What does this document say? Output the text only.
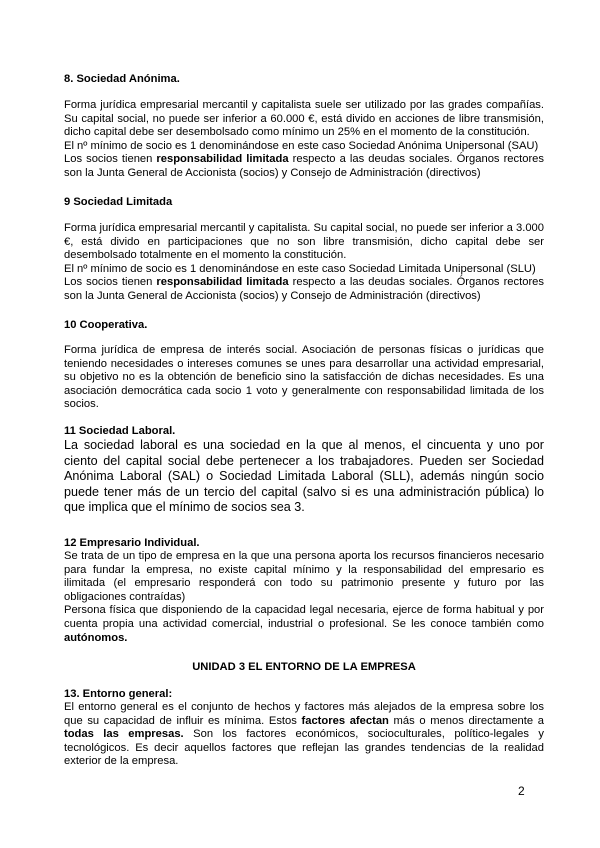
8. Sociedad Anónima.

Forma jurídica empresarial mercantil y capitalista suele ser utilizado por las grades compañías. Su capital social, no puede ser inferior a 60.000 €, está divido en acciones de libre transmisión, dicho capital debe ser desembolsado como mínimo un 25% en el momento de la constitución.

El nº mínimo de socio es 1 denominándose en este caso Sociedad Anónima Unipersonal (SAU)

Los socios tienen responsabilidad limitada respecto a las deudas sociales. Órganos rectores son la Junta General de Accionista (socios) y Consejo de Administración (directivos)

9 Sociedad Limitada

Forma jurídica empresarial mercantil y capitalista. Su capital social, no puede ser inferior a 3.000 €, está divido en participaciones que no son libre transmisión, dicho capital debe ser desembolsado totalmente en el momento la constitución.

El nº mínimo de socio es 1 denominándose en este caso Sociedad Limitada Unipersonal (SLU)

Los socios tienen responsabilidad limitada respecto a las deudas sociales. Órganos rectores son la Junta General de Accionista (socios) y Consejo de Administración (directivos)

10 Cooperativa.

Forma jurídica de empresa de interés social. Asociación de personas físicas o jurídicas que teniendo necesidades o intereses comunes se unes para desarrollar una actividad empresarial, su objetivo no es la obtención de beneficio sino la satisfacción de dichas necesidades. Es una asociación democrática cada socio 1 voto y generalmente con responsabilidad limitada de los socios.

11 Sociedad Laboral.

La sociedad laboral es una sociedad en la que al menos, el cincuenta y uno por ciento del capital social debe pertenecer a los trabajadores. Pueden ser Sociedad Anónima Laboral (SAL) o Sociedad Limitada Laboral (SLL), además ningún socio puede tener más de un tercio del capital (salvo si es una administración pública) lo que implica que el mínimo de socios sea 3.

12 Empresario Individual.

Se trata de un tipo de empresa en la que una persona aporta los recursos financieros necesario para fundar la empresa, no existe capital mínimo y la responsabilidad del empresario es ilimitada (el empresario responderá con todo su patrimonio presente y futuro por las obligaciones contraídas)

Persona física que disponiendo de la capacidad legal necesaria, ejerce de forma habitual y por cuenta propia una actividad comercial, industrial o profesional. Se les conoce también como autónomos.

UNIDAD 3 EL ENTORNO DE LA EMPRESA
13. Entorno general:

El entorno general es el conjunto de hechos y factores más alejados de la empresa sobre los que su capacidad de influir es mínima. Estos factores afectan más o menos directamente a todas las empresas. Son los factores económicos, socioculturales, político-legales y tecnológicos. Es decir aquellos factores que reflejan las grandes tendencias de la realidad exterior de la empresa.

2
